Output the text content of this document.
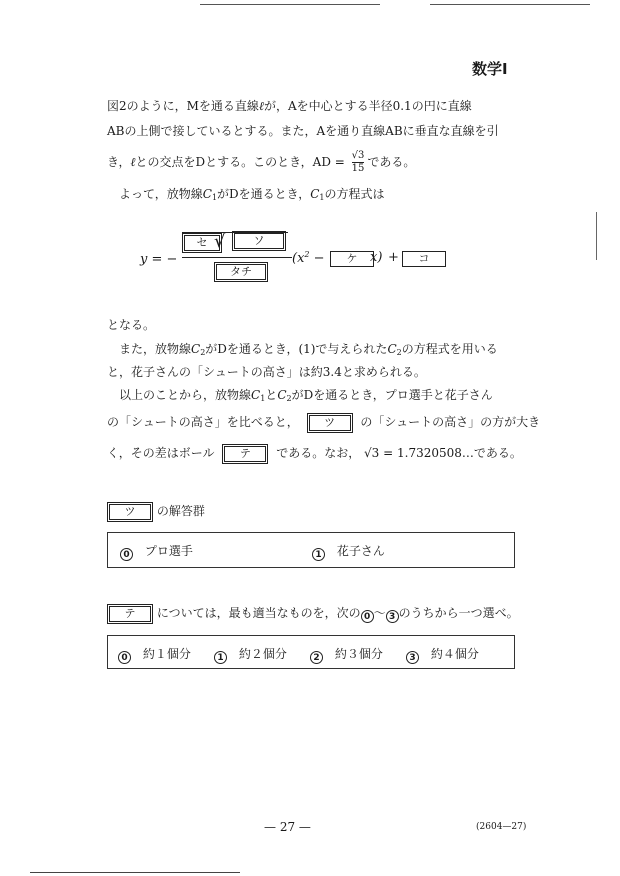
数学Ⅰ
図2のように，Mを通る直線ℓが，Aを中心とする半径0.1の円に直線
ABの上側で接しているとする。また，Aを通り直線ABに垂直な直線を引
き，ℓとの交点をDとする。このとき，AD = $\frac{√3}{15}$ である。
よって，放物線$C_1$がDを通るとき，$C_1$の方程式は
y = −
セ √	ソ
タチ
($x^2$ −	ケ x) +	コ
となる。
また，放物線$C_2$がDを通るとき，(1)で与えられた$C_2$の方程式を用いる
と，花子さんの「シュートの高さ」は約3.4と求められる。
以上のことから，放物線$C_1$と$C_2$がDを通るとき，プロ選手と花子さん
の「シュートの高さ」を比べると， ツ の「シュートの高さ」の方が大き
く，その差はボール テ である。なお， √3 = 1.7320508…である。
ツ の解答群
0 プロ選手	1 花子さん
テ については，最も適当なものを，次の 0 ～ 3 のうちから一つ選べ。
0 約１個分	1 約２個分	2 約３個分	3 約４個分
— 27 —	(2604—27)
